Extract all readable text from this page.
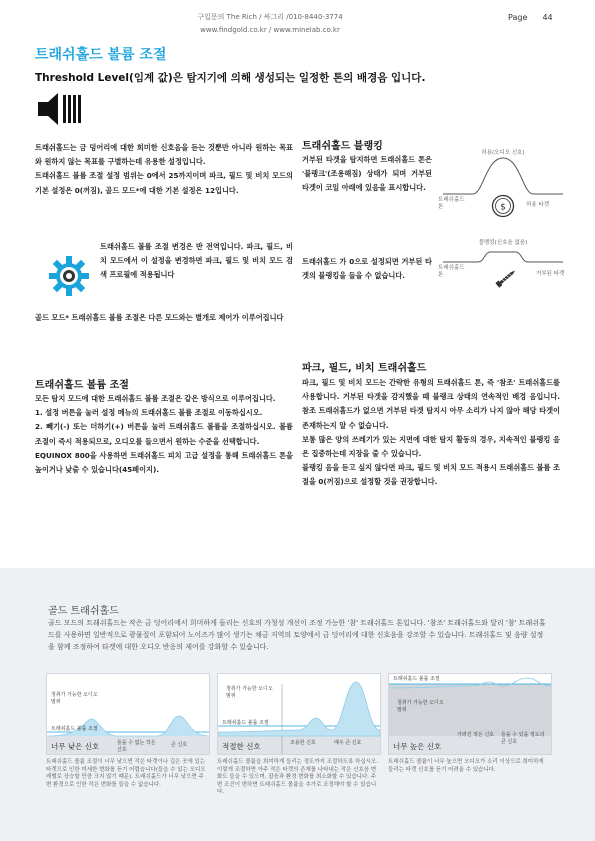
구입문의 The Rich / 싸그리 /010-8440-3774
www.findgold.co.kr / www.minelab.co.kr
Page 44
트래쉬홀드 볼륨 조절
Threshold Level(임계 값)은 탐지기에 의해 생성되는 일정한 톤의 배경음 입니다.

트래쉬홀드는 금 덩어리에 대한 희미한 신호음을 듣는 것뿐만 아니라 원하는 목표와 원하지 않는 목표를 구별하는데 유용한 설정입니다.

트래쉬홀드 볼륨 조절 설정 범위는 0에서 25까지이며 파크, 필드 및 비치 모드의 기본 설정은 0(꺼짐), 골드 모드*에 대한 기본 설정은 12입니다.

트래쉬홀드 볼륨 조절 변경은 반 전역입니다. 파크, 필드, 비치 모드에서 이 설정을 변경하면 파크, 필드 및 비치 모드 검색 프로필에 적용됩니다
골드 모드* 트래쉬홀드 볼륨 조절은 다른 모드와는 별개로 제어가 이루어집니다
트래쉬홀드 볼륨 조절

모든 탐지 모드에 대한 트래쉬홀드 볼륨 조절은 같은 방식으로 이루어집니다.

1. 설정 버튼을 눌러 설정 메뉴의 트래쉬홀드 볼륨 조절로 이동하십시오.

2. 빼기(-) 또는 더하기(+) 버튼을 눌러 트래쉬홀드 볼륨을 조절하십시오. 볼륨 조절이 즉시 적용되므로, 오디오를 들으면서 원하는 수준을 선택합니다.

EQUINOX 800을 사용하면 트래쉬홀드 피치 고급 설정을 통해 트래쉬홀드 톤을 높이거나 낮출 수 있습니다(45페이지).

트래쉬홀드 블랭킹
거부된 타겟을 탐지하면 트래쉬홀드 톤은 '블랭크'(조용해짐) 상태가 되며 거부된 타겟이 코일 아래에 있음을 표시합니다.
트래쉬홀드 가 0으로 설정되면 거부된 타겟의 블랭킹을 들을 수 없습니다.
허용(오디오 신호)
트래쉬홀드 톤	허용 타겟
$
블랭킹(신호음 없음)
트래쉬홀드 톤	거부된 타겟
파크, 필드, 비치 트래쉬홀드

파크, 필드 및 비치 모드는 간략한 유형의 트래쉬홀드 톤, 즉 '참조' 트래쉬홀드를 사용합니다. 거부된 타겟을 감지했을 때 블랭크 상태의 연속적인 배경 음입니다. 참조 트래쉬홀드가 없으면 거부된 타겟 탐지시 아무 소리가 나지 않아 해당 타겟이 존재하는지 알 수 없습니다.

보통 많은 양의 쓰레기가 있는 지면에 대한 탐지 활동의 경우, 지속적인 블랭킹 음은 집중하는데 지장을 줄 수 있습니다.

블랭킹 음을 듣고 싶지 않다면 파크, 필드 및 비치 모드 적용시 트래쉬홀드 볼륨 조절을 0(꺼짐)으로 설정할 것을 권장합니다.

골드 트래쉬홀드
골드 모드의 트래쉬홀드는 작은 금 덩어리에서 희미하게 들리는 신호의 가청성 개선이 조정 가능한 '참' 트래쉬홀드 톤입니다. '참조' 트래쉬홀드와 달리 '참' 트래쉬홀드를 사용하면 일반적으로 광물질이 포함되어 노이즈가 많이 생기는 채금 지역의 토양에서 금 덩어리에 대한 신호음을 강조할 수 있습니다. 트래쉬홀드 및 음량 설정을 함께 조정하여 타겟에 대한 오디오 반응의 제어를 강화할 수 있습니다.
청취가 가능한 오디오 범위
트래쉬홀드 볼륨 조절
너무 낮은 신호	들을 수 없는 작은 신호
큰 신호
트래쉬홀드 볼륨 조절이 너무 낮으면 작은 타겟이나 깊은 곳에 있는 타겟으로 인한 미세한 변화를 듣기 어렵습니다(들을 수 있는 오디오 레벨로 상승할 만큼 크지 않기 때문). 트래쉬홀드가 너무 낮으면 주변 환경으로 인한 작은 변화를 들을 수 없습니다.
청취가 가능한 오디오 범위
트래쉬홀드 볼륨 조절
적절한 신호	조용한 신호	매우 큰 신호
트래쉬홀드 볼륨을 희미하게 들리는 정도까지 조절하도록 하십시오. 이렇게 조절하면 아주 작은 타겟의 존재를 나타내는 작은 신호음 변화도 들을 수 있으며, 잡음과 환경 변화를 최소화할 수 있습니다. 주변 조건이 변하면 트래쉬홀드 볼륨을 추가로 조정해야 할 수 있습니다.
트래쉬홀드 볼륨 조절
청취가 가능한 오디오 범위
너무 높은 신호
가려진 작은 신호	들을 수 있을 정도의 큰 신호
트래쉬홀드 볼륨이 너무 높으면 오디오가 소리 이상으로 희미하게 들리는 타겟 신호를 듣기 어려울 수 있습니다.
